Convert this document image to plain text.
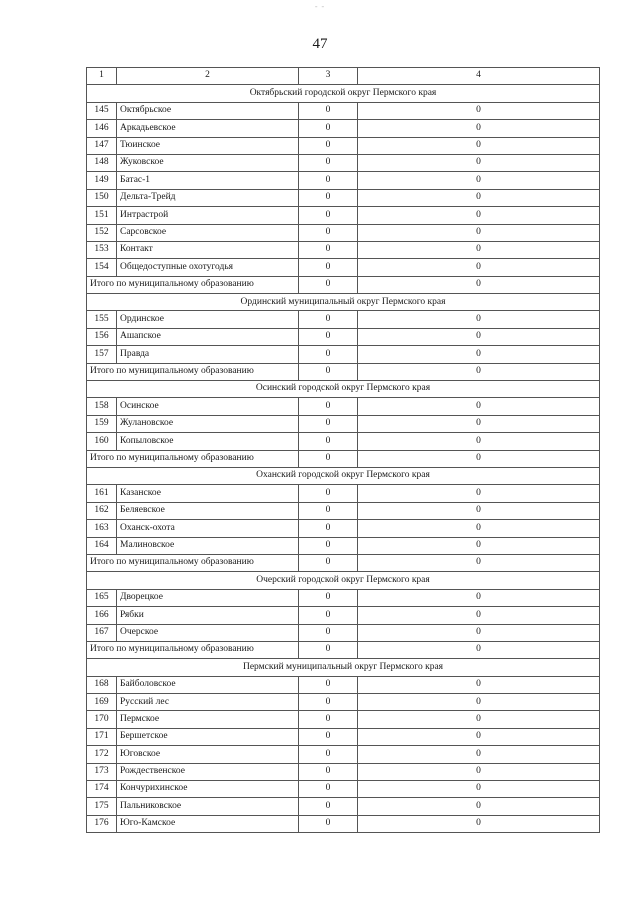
- -
47
1	2	3	4
Октябрьский городской округ Пермского края			
145	Октябрьское	0	0
146	Аркадьевское	0	0
147	Тюинское	0	0
148	Жуковское	0	0
149	Батас-1	0	0
150	Дельта-Трейд	0	0
151	Интрастрой	0	0
152	Сарсовское	0	0
153	Контакт	0	0
154	Общедоступные охотугодья	0	0
Итого по муниципальному образованию		0	0
Ординский муниципальный округ Пермского края			
155	Ординское	0	0
156	Ашапское	0	0
157	Правда	0	0
Итого по муниципальному образованию		0	0
Осинский городской округ Пермского края			
158	Осинское	0	0
159	Жулановское	0	0
160	Копыловское	0	0
Итого по муниципальному образованию		0	0
Оханский городской округ Пермского края			
161	Казанское	0	0
162	Беляевское	0	0
163	Оханск-охота	0	0
164	Малиновское	0	0
Итого по муниципальному образованию		0	0
Очерский городской округ Пермского края			
165	Дворецкое	0	0
166	Рябки	0	0
167	Очерское	0	0
Итого по муниципальному образованию		0	0
Пермский муниципальный округ Пермского края			
168	Байболовское	0	0
169	Русский лес	0	0
170	Пермское	0	0
171	Бершетское	0	0
172	Юговское	0	0
173	Рождественское	0	0
174	Кончурихинское	0	0
175	Пальниковское	0	0
176	Юго-Камское	0	0
